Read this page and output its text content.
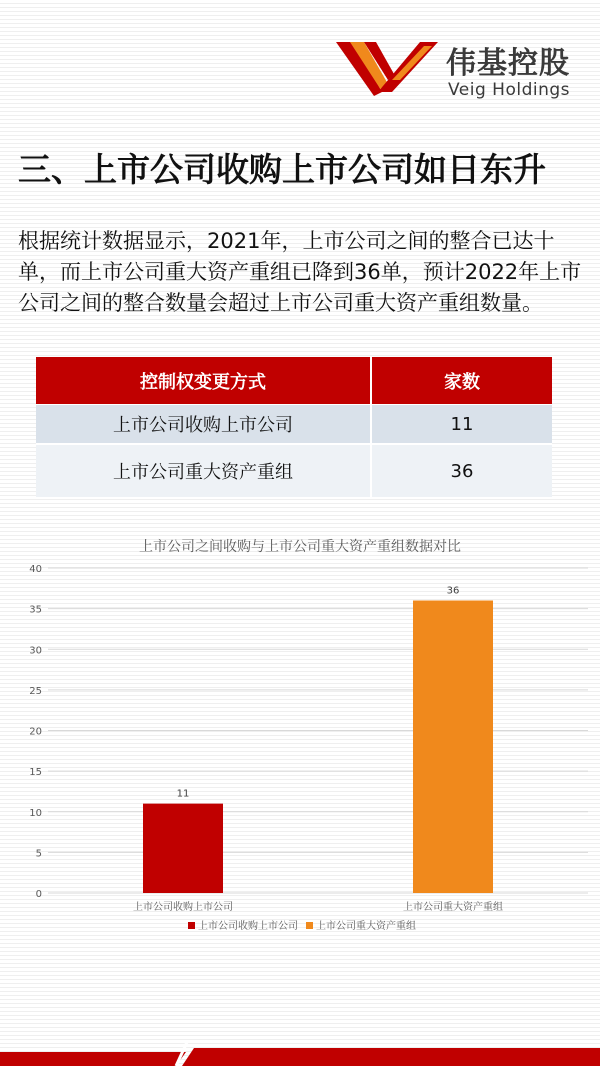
伟基控股
Veig Holdings
三、上市公司收购上市公司如日东升
根据统计数据显示，2021年，上市公司之间的整合已达十单，而上市公司重大资产重组已降到36单，预计2022年上市公司之间的整合数量会超过上市公司重大资产重组数量。
控制权变更方式	家数
上市公司收购上市公司	11
上市公司重大资产重组	36
上市公司之间收购与上市公司重大资产重组数据对比
0
5
10
15
20
25
30
35
40
11
上市公司收购上市公司
36
上市公司重大资产重组
上市公司收购上市公司 上市公司重大资产重组
